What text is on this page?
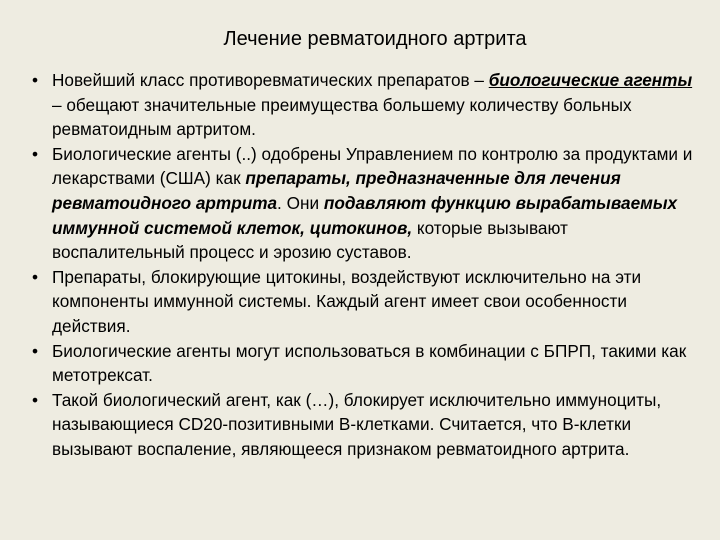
Лечение ревматоидного артрита
• Новейший класс противоревматических препаратов – биологические агенты – обещают значительные преимущества большему количеству больных ревматоидным артритом.
• Биологические агенты (..) одобрены Управлением по контролю за продуктами и лекарствами (США) как препараты, предназначенные для лечения ревматоидного артрита. Они подавляют функцию вырабатываемых иммунной системой клеток, цитокинов, которые вызывают воспалительный процесс и эрозию суставов.
• Препараты, блокирующие цитокины, воздействуют исключительно на эти компоненты иммунной системы. Каждый агент имеет свои особенности действия.
• Биологические агенты могут использоваться в комбинации с БПРП, такими как метотрексат.
• Такой биологический агент, как (…), блокирует исключительно иммуноциты, называющиеся CD20-позитивными B-клетками. Считается, что B-клетки вызывают воспаление, являющееся признаком ревматоидного артрита.
